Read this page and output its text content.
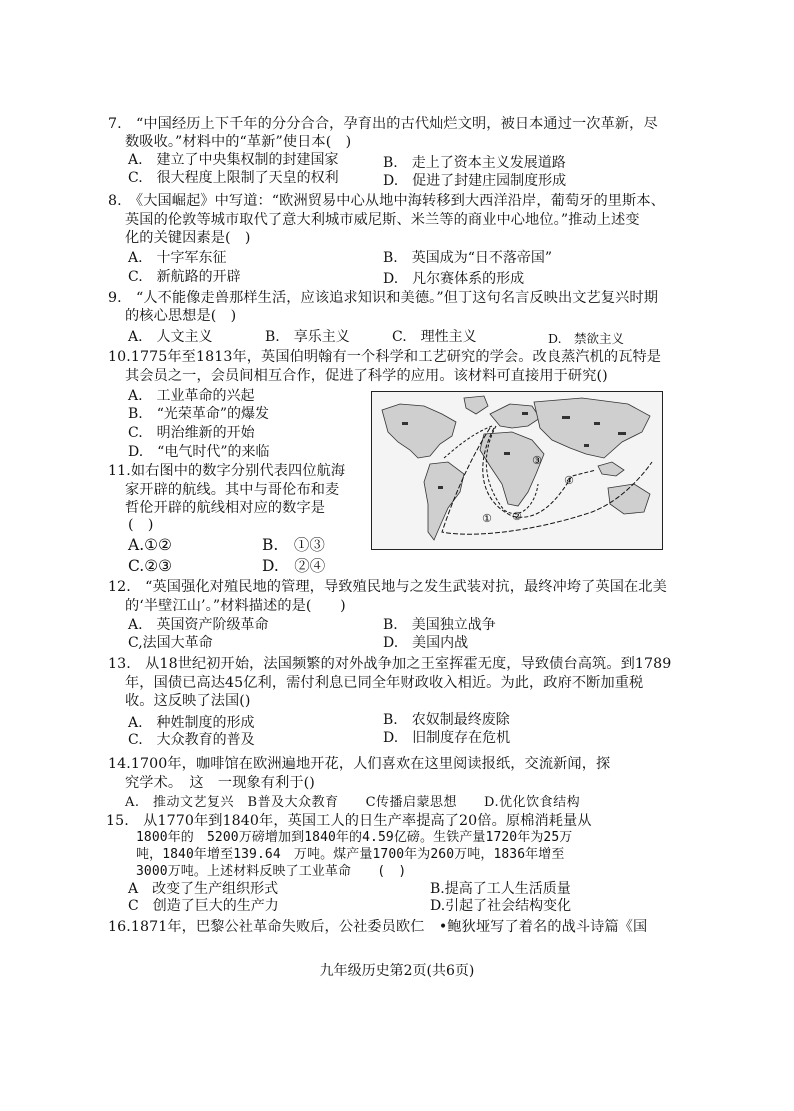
7.　“中国经历上下千年的分分合合，孕育出的古代灿烂文明，被日本通过一次革新，尽
数吸收。”材料中的“革新”使日本(　)
A.　建立了中央集权制的封建国家	B.　走上了资本主义发展道路
C.　很大程度上限制了天皇的权利	D.　促进了封建庄园制度形成
8.　《大国崛起》中写道：“欧洲贸易中心从地中海转移到大西洋沿岸，葡萄牙的里斯本、
英国的伦敦等城市取代了意大利城市威尼斯、米兰等的商业中心地位。”推动上述变
化的关键因素是(　)
A.　十字军东征	B.　英国成为“日不落帝国”
C.　新航路的开辟	D.　凡尔赛体系的形成
9.　“人不能像走兽那样生活，应该追求知识和美德。”但丁这句名言反映出文艺复兴时期
的核心思想是(　)
A.　人文主义	B.　享乐主义	C.　理性主义	D.　禁欲主义
10.1775年至1813年，英国伯明翰有一个科学和工艺研究的学会。改良蒸汽机的瓦特是
其会员之一，会员间相互合作，促进了科学的应用。该材料可直接用于研究()
A.　工业革命的兴起
B.　“光荣革命”的爆发
C.　明治维新的开始
D.　“电气时代”的来临
11.如右图中的数字分别代表四位航海
家开辟的航线。其中与哥伦布和麦
哲伦开辟的航线相对应的数字是
(　)
A.①②	B.　①③
C.②③	D.　②④
① ②
③
④
12.　“英国强化对殖民地的管理，导致殖民地与之发生武装对抗，最终冲垮了英国在北美
的‘半壁江山’。”材料描述的是(　　)
A.　英国资产阶级革命	B.　美国独立战争
C,法国大革命	D.　美国内战
13.　从18世纪初开始，法国频繁的对外战争加之王室挥霍无度，导致债台高筑。到1789
年，国债已高达45亿利，需付利息已同全年财政收入相近。为此，政府不断加重税
收。这反映了法国()
A.　种姓制度的形成	B.　农奴制最终废除
C.　大众教育的普及	D.　旧制度存在危机
14.1700年，咖啡馆在欧洲遍地开花，人们喜欢在这里阅读报纸，交流新闻，探
究学术。　这　一现象有利于()
A.　推动文艺复兴　B普及大众教育　　C传播启蒙思想　　D.优化饮食结构
15.　从1770年到1840年，英国工人的日生产率提高了20倍。原棉消耗量从
1800年的　5200万磅增加到1840年的4.59亿磅。生铁产量1720年为25万
吨，1840年增至139.64　万吨。煤产量1700年为260万吨，1836年增至
3000万吨。上述材料反映了工业革命　　(　)
A　改变了生产组织形式	B.提高了工人生活质量
C　创造了巨大的生产力	D.引起了社会结构变化
16.1871年，巴黎公社革命失败后，公社委员欧仁　•鲍狄垭写了着名的战斗诗篇《国
九年级历史第2页(共6页)
